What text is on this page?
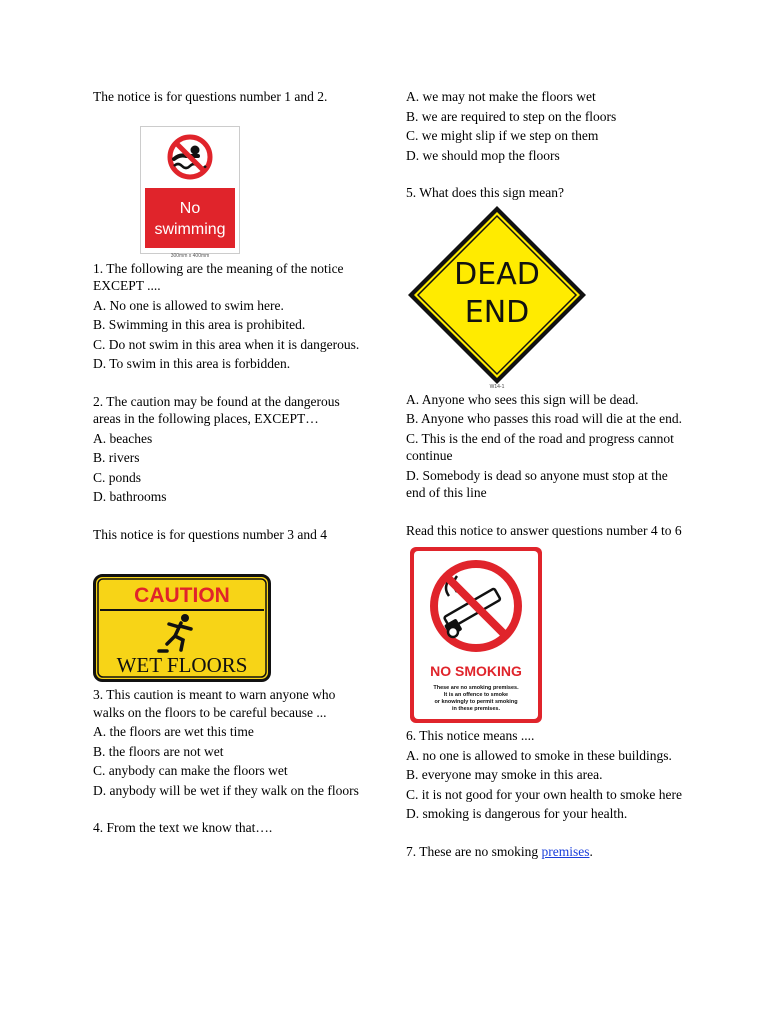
The notice is for questions number 1 and 2.

No
swimming
300mm x 400mm

1. The following are the meaning of the notice EXCEPT ....

A. No one is allowed to swim here.

B. Swimming in this area is prohibited.

C. Do not swim in this area when it is dangerous.

D. To swim in this area is forbidden.

2. The caution may be found at the dangerous areas in the following places, EXCEPT…

A. beaches

B. rivers

C. ponds

D. bathrooms

This notice is for questions number 3 and 4

CAUTION
WET FLOORS

3. This caution is meant to warn anyone who walks on the floors to be careful because ...

A. the floors are wet this time

B. the floors are not wet

C. anybody can make the floors wet

D. anybody will be wet if they walk on the floors

4. From the text we know that….

A. we may not make the floors wet

B. we are required to step on the floors

C. we might slip if we step on them

D. we should mop the floors

5. What does this sign mean?

DEAD
END
W14-1

A. Anyone who sees this sign will be dead.

B. Anyone who passes this road will die at the end.

C. This is the end of the road and progress cannot continue

D. Somebody is dead so anyone must stop at the end of this line

Read this notice to answer questions number 4 to 6

NO SMOKING
These are no smoking premises.
It is an offence to smoke
or knowingly to permit smoking
in these premises.

6. This notice means ....

A. no one is allowed to smoke in these buildings.

B. everyone may smoke in this area.

C. it is not good for your own health to smoke here

D. smoking is dangerous for your health.

7. These are no smoking premises.
